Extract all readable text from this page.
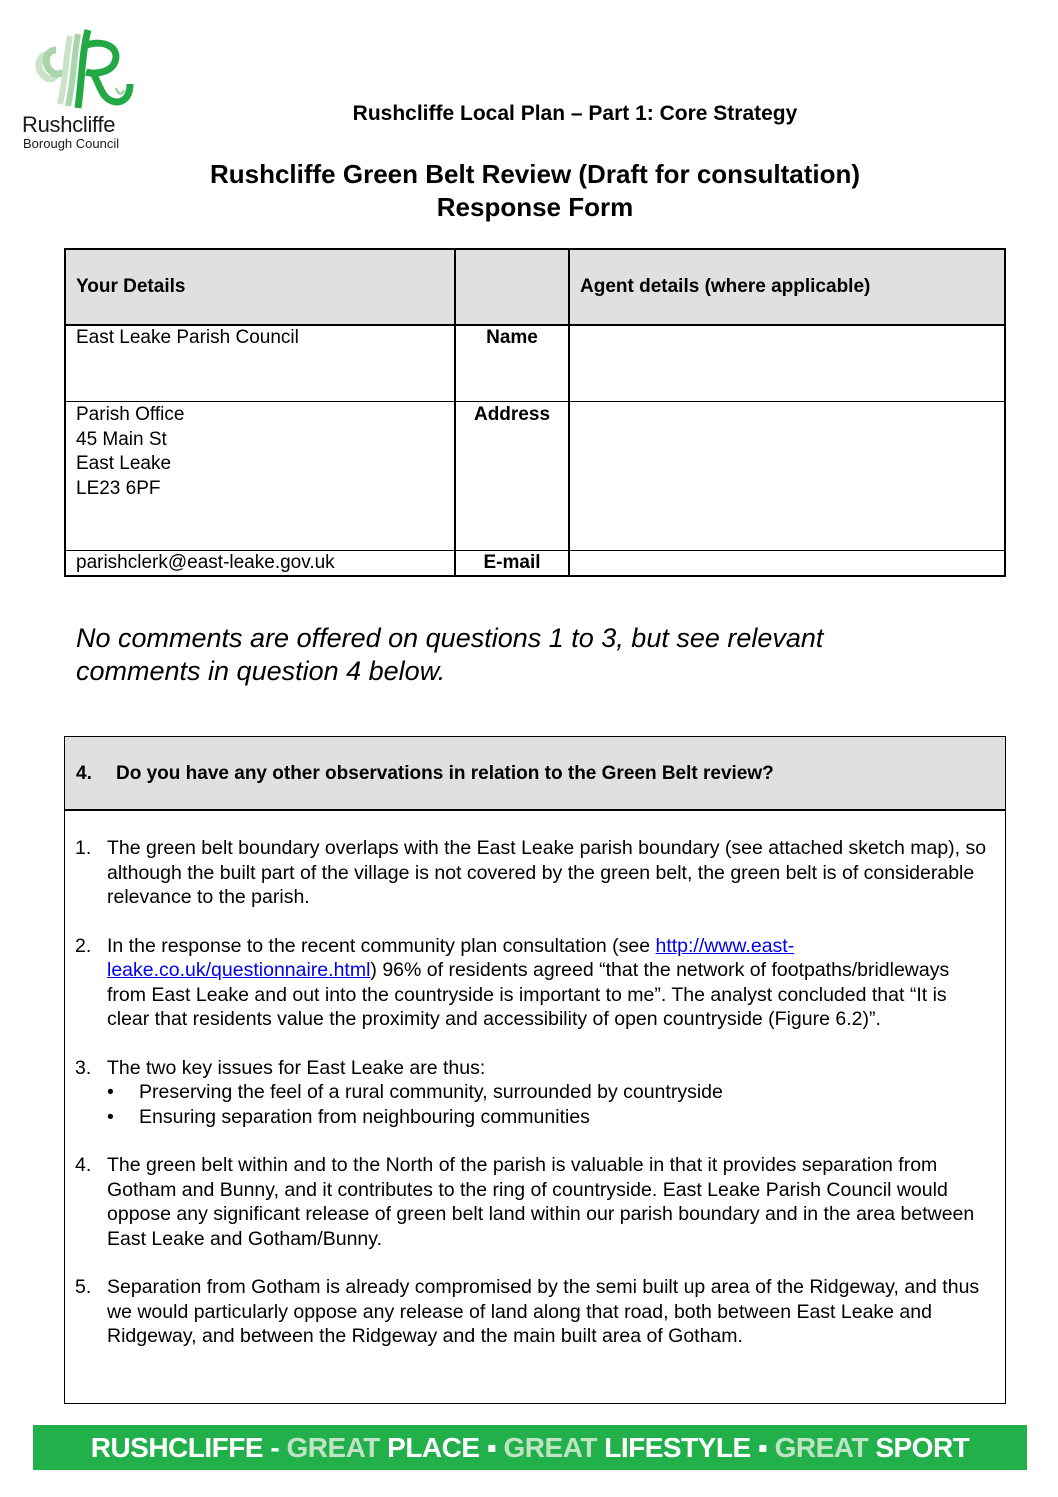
Rushcliffe
Borough Council
Rushcliffe Local Plan – Part 1: Core Strategy
Rushcliffe Green Belt Review (Draft for consultation)
Response Form
Your Details		Agent details (where applicable)
East Leake Parish Council	Name	

Parish Office
45 Main St
East Leake
LE23 6PF	Address	
parishclerk@east-leake.gov.uk	E-mail	
No comments are offered on questions 1 to 3, but see relevant
comments in question 4 below.
4. Do you have any other observations in relation to the Green Belt review?
1. The green belt boundary overlaps with the East Leake parish boundary (see attached sketch map), so although the built part of the village is not covered by the green belt, the green belt is of considerable relevance to the parish.
2. In the response to the recent community plan consultation (see http://www.east-leake.co.uk/questionnaire.html) 96% of residents agreed “that the network of footpaths/bridleways from East Leake and out into the countryside is important to me”. The analyst concluded that “It is clear that residents value the proximity and accessibility of open countryside (Figure 6.2)”.
3. The two key issues for East Leake are thus:
•	Preserving the feel of a rural community, surrounded by countryside
•	Ensuring separation from neighbouring communities
4. The green belt within and to the North of the parish is valuable in that it provides separation from Gotham and Bunny, and it contributes to the ring of countryside. East Leake Parish Council would oppose any significant release of green belt land within our parish boundary and in the area between East Leake and Gotham/Bunny.
5. Separation from Gotham is already compromised by the semi built up area of the Ridgeway, and thus we would particularly oppose any release of land along that road, both between East Leake and Ridgeway, and between the Ridgeway and the main built area of Gotham.
RUSHCLIFFE - GREAT PLACE ▪ GREAT LIFESTYLE ▪ GREAT SPORT
